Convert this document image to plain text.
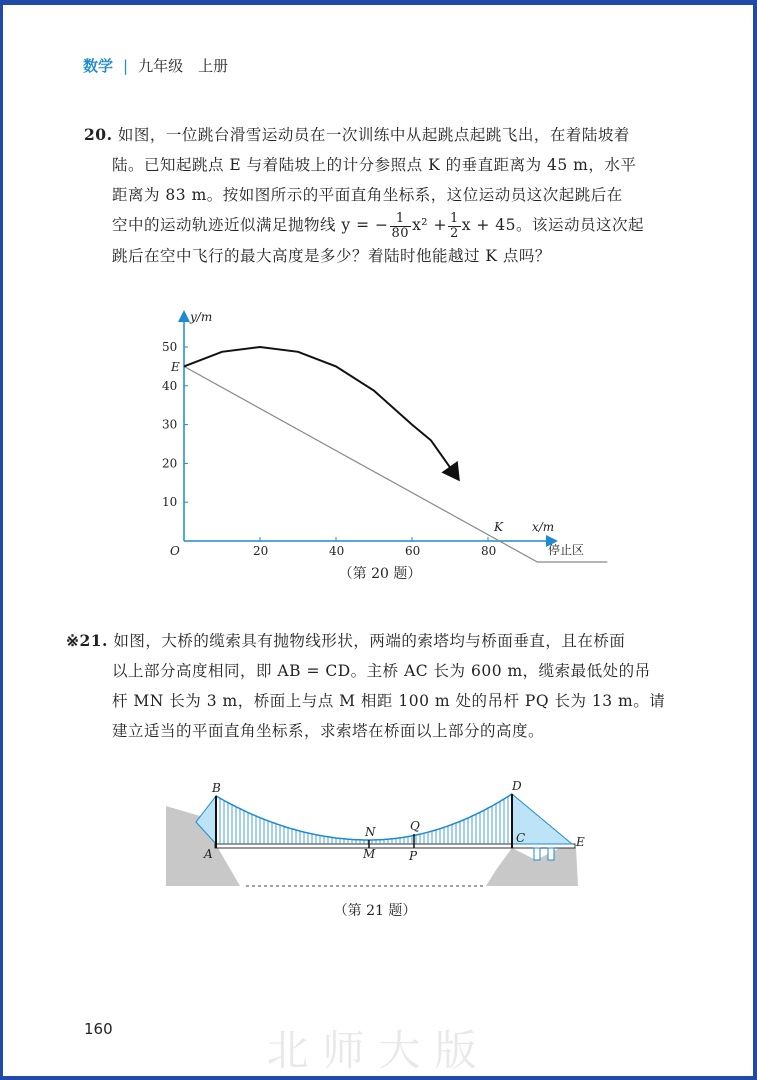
数学 | 九年级　上册

20. 如图，一位跳台滑雪运动员在一次训练中从起跳点起跳飞出，在着陆坡着

陆。已知起跳点 E 与着陆坡上的计分参照点 K 的垂直距离为 45 m，水平

距离为 83 m。按如图所示的平面直角坐标系，这位运动员这次起跳后在

空中的运动轨迹近似满足抛物线 y = − $\frac{1}{80} x^2 + \frac{1}{2}$ x + 45。该运动员这次起

跳后在空中飞行的最大高度是多少？着陆时他能越过 K 点吗？

10
20
30
40
50
20	40	60	80
y/m
x/m
O
E
K
停止区
（第 20 题）

※21. 如图，大桥的缆索具有抛物线形状，两端的索塔均与桥面垂直，且在桥面

以上部分高度相同，即 AB = CD。主桥 AC 长为 600 m，缆索最低处的吊

杆 MN 长为 3 m，桥面上与点 M 相距 100 m 处的吊杆 PQ 长为 13 m。请

建立适当的平面直角坐标系，求索塔在桥面以上部分的高度。

B
A
D
C	E
N
M
Q
P
（第 21 题）
160	北师大版
